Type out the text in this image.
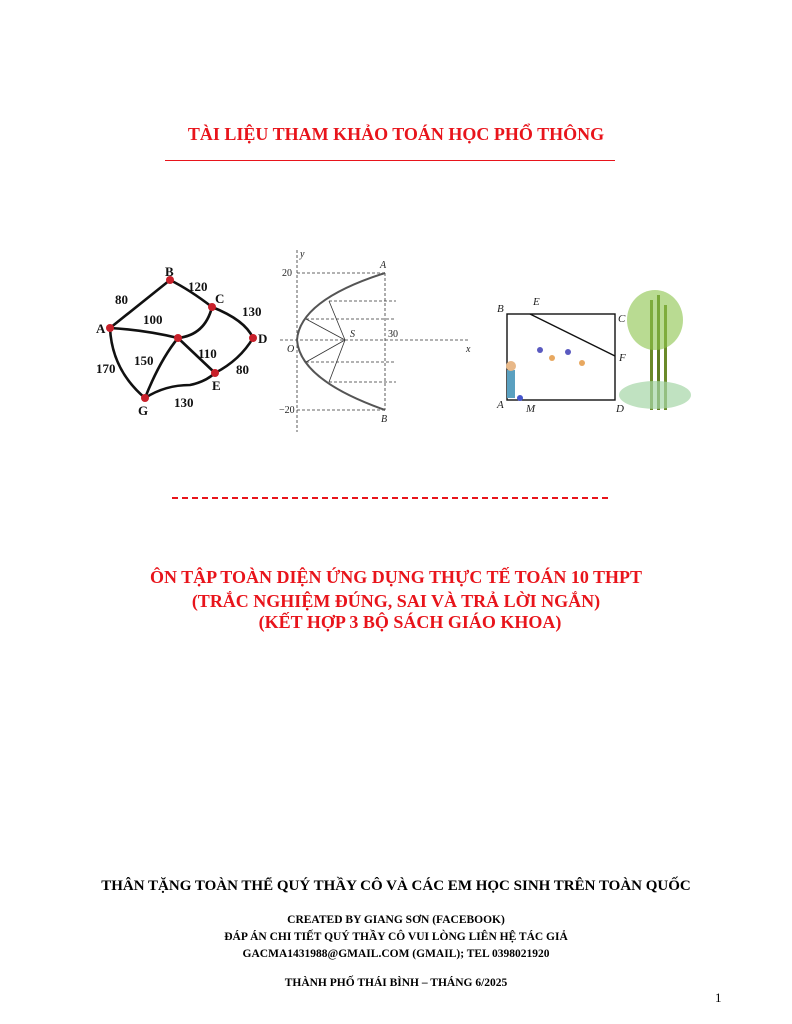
TÀI LIỆU THAM KHẢO TOÁN HỌC PHỔ THÔNG
B
C
D
A
E
G
80
120
130
100
150	110
170	80
130
y
20
−20
30
O
S
A
B
x
B
E
C
F
A M	D
ÔN TẬP TOÀN DIỆN ỨNG DỤNG THỰC TẾ TOÁN 10 THPT
(TRẮC NGHIỆM ĐÚNG, SAI VÀ TRẢ LỜI NGẮN)
(KẾT HỢP 3 BỘ SÁCH GIÁO KHOA)
THÂN TẶNG TOÀN THỂ QUÝ THẦY CÔ VÀ CÁC EM HỌC SINH TRÊN TOÀN QUỐC
CREATED BY GIANG SƠN (FACEBOOK)
ĐÁP ÁN CHI TIẾT QUÝ THẦY CÔ VUI LÒNG LIÊN HỆ TÁC GIẢ
GACMA1431988@GMAIL.COM (GMAIL); TEL 0398021920
THÀNH PHỐ THÁI BÌNH – THÁNG 6/2025
1
